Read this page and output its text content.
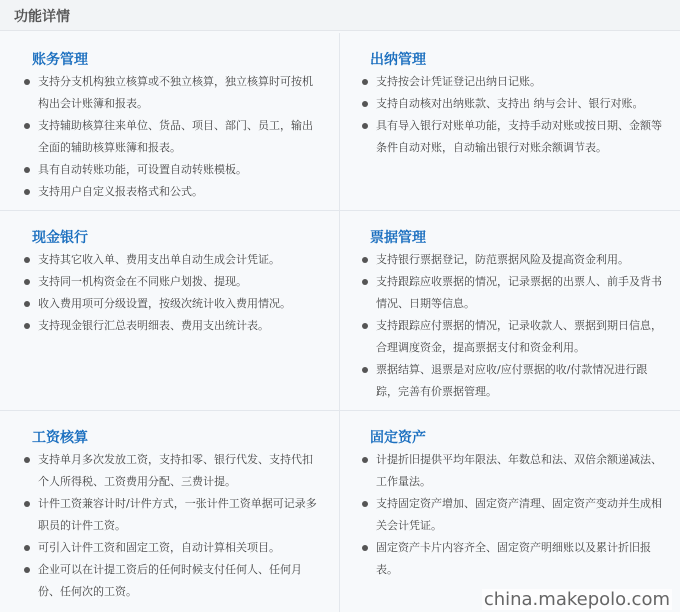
功能详情
账务管理
支持分支机构独立核算或不独立核算，独立核算时可按机构出会计账簿和报表。
支持辅助核算往来单位、货品、项目、部门、员工，输出全面的辅助核算账簿和报表。
具有自动转账功能，可设置自动转账模板。
支持用户自定义报表格式和公式。
出纳管理
支持按会计凭证登记出纳日记账。
支持自动核对出纳账款、支持出 纳与会计、银行对账。
具有导入银行对账单功能，支持手动对账或按日期、金额等条件自动对账，自动输出银行对账余额调节表。
现金银行
支持其它收入单、费用支出单自动生成会计凭证。
支持同一机构资金在不同账户划拨、提现。
收入费用项可分级设置，按级次统计收入费用情况。
支持现金银行汇总表明细表、费用支出统计表。
票据管理
支持银行票据登记，防范票据风险及提高资金利用。
支持跟踪应收票据的情况，记录票据的出票人、前手及背书情况、日期等信息。
支持跟踪应付票据的情况，记录收款人、票据到期日信息，合理调度资金，提高票据支付和资金利用。
票据结算、退票是对应收/应付票据的收/付款情况进行跟踪，完善有价票据管理。
工资核算
支持单月多次发放工资，支持扣零、银行代发、支持代扣个人所得税、工资费用分配、三费计提。
计件工资兼容计时/计件方式，一张计件工资单据可记录多职员的计件工资。
可引入计件工资和固定工资，自动计算相关项目。
企业可以在计提工资后的任何时候支付任何人、任何月份、任何次的工资。
固定资产
计提折旧提供平均年限法、年数总和法、双倍余额递减法、工作量法。
支持固定资产增加、固定资产清理、固定资产变动并生成相关会计凭证。
固定资产卡片内容齐全、固定资产明细账以及累计折旧报表。
china.makepolo.com
